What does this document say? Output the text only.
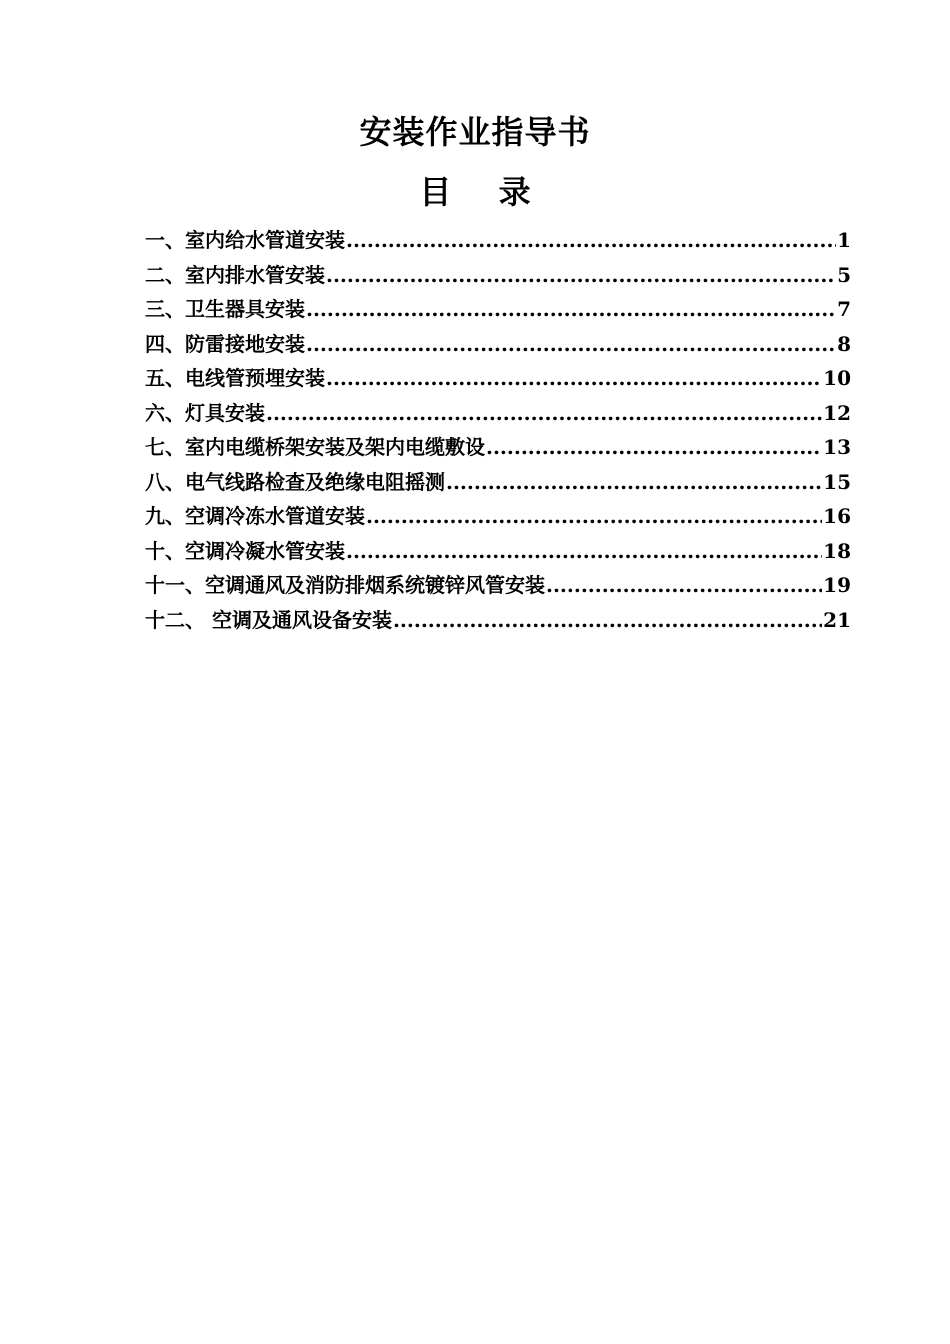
安装作业指导书
目 录
一、室内给水管道安装 .....	1
二、室内排水管安装 .....	5
三、卫生器具安装 .....	7
四、防雷接地安装 .....	8
五、电线管预埋安装 .....	10
六、灯具安装 .....	12
七、室内电缆桥架安装及架内电缆敷设 .....	13
八、电气线路检查及绝缘电阻摇测 .....	15
九、空调冷冻水管道安装 .....	16
十、空调冷凝水管安装 .....	18
十一、空调通风及消防排烟系统镀锌风管安装 .....	19
十二、 空调及通风设备安装 .....	21
